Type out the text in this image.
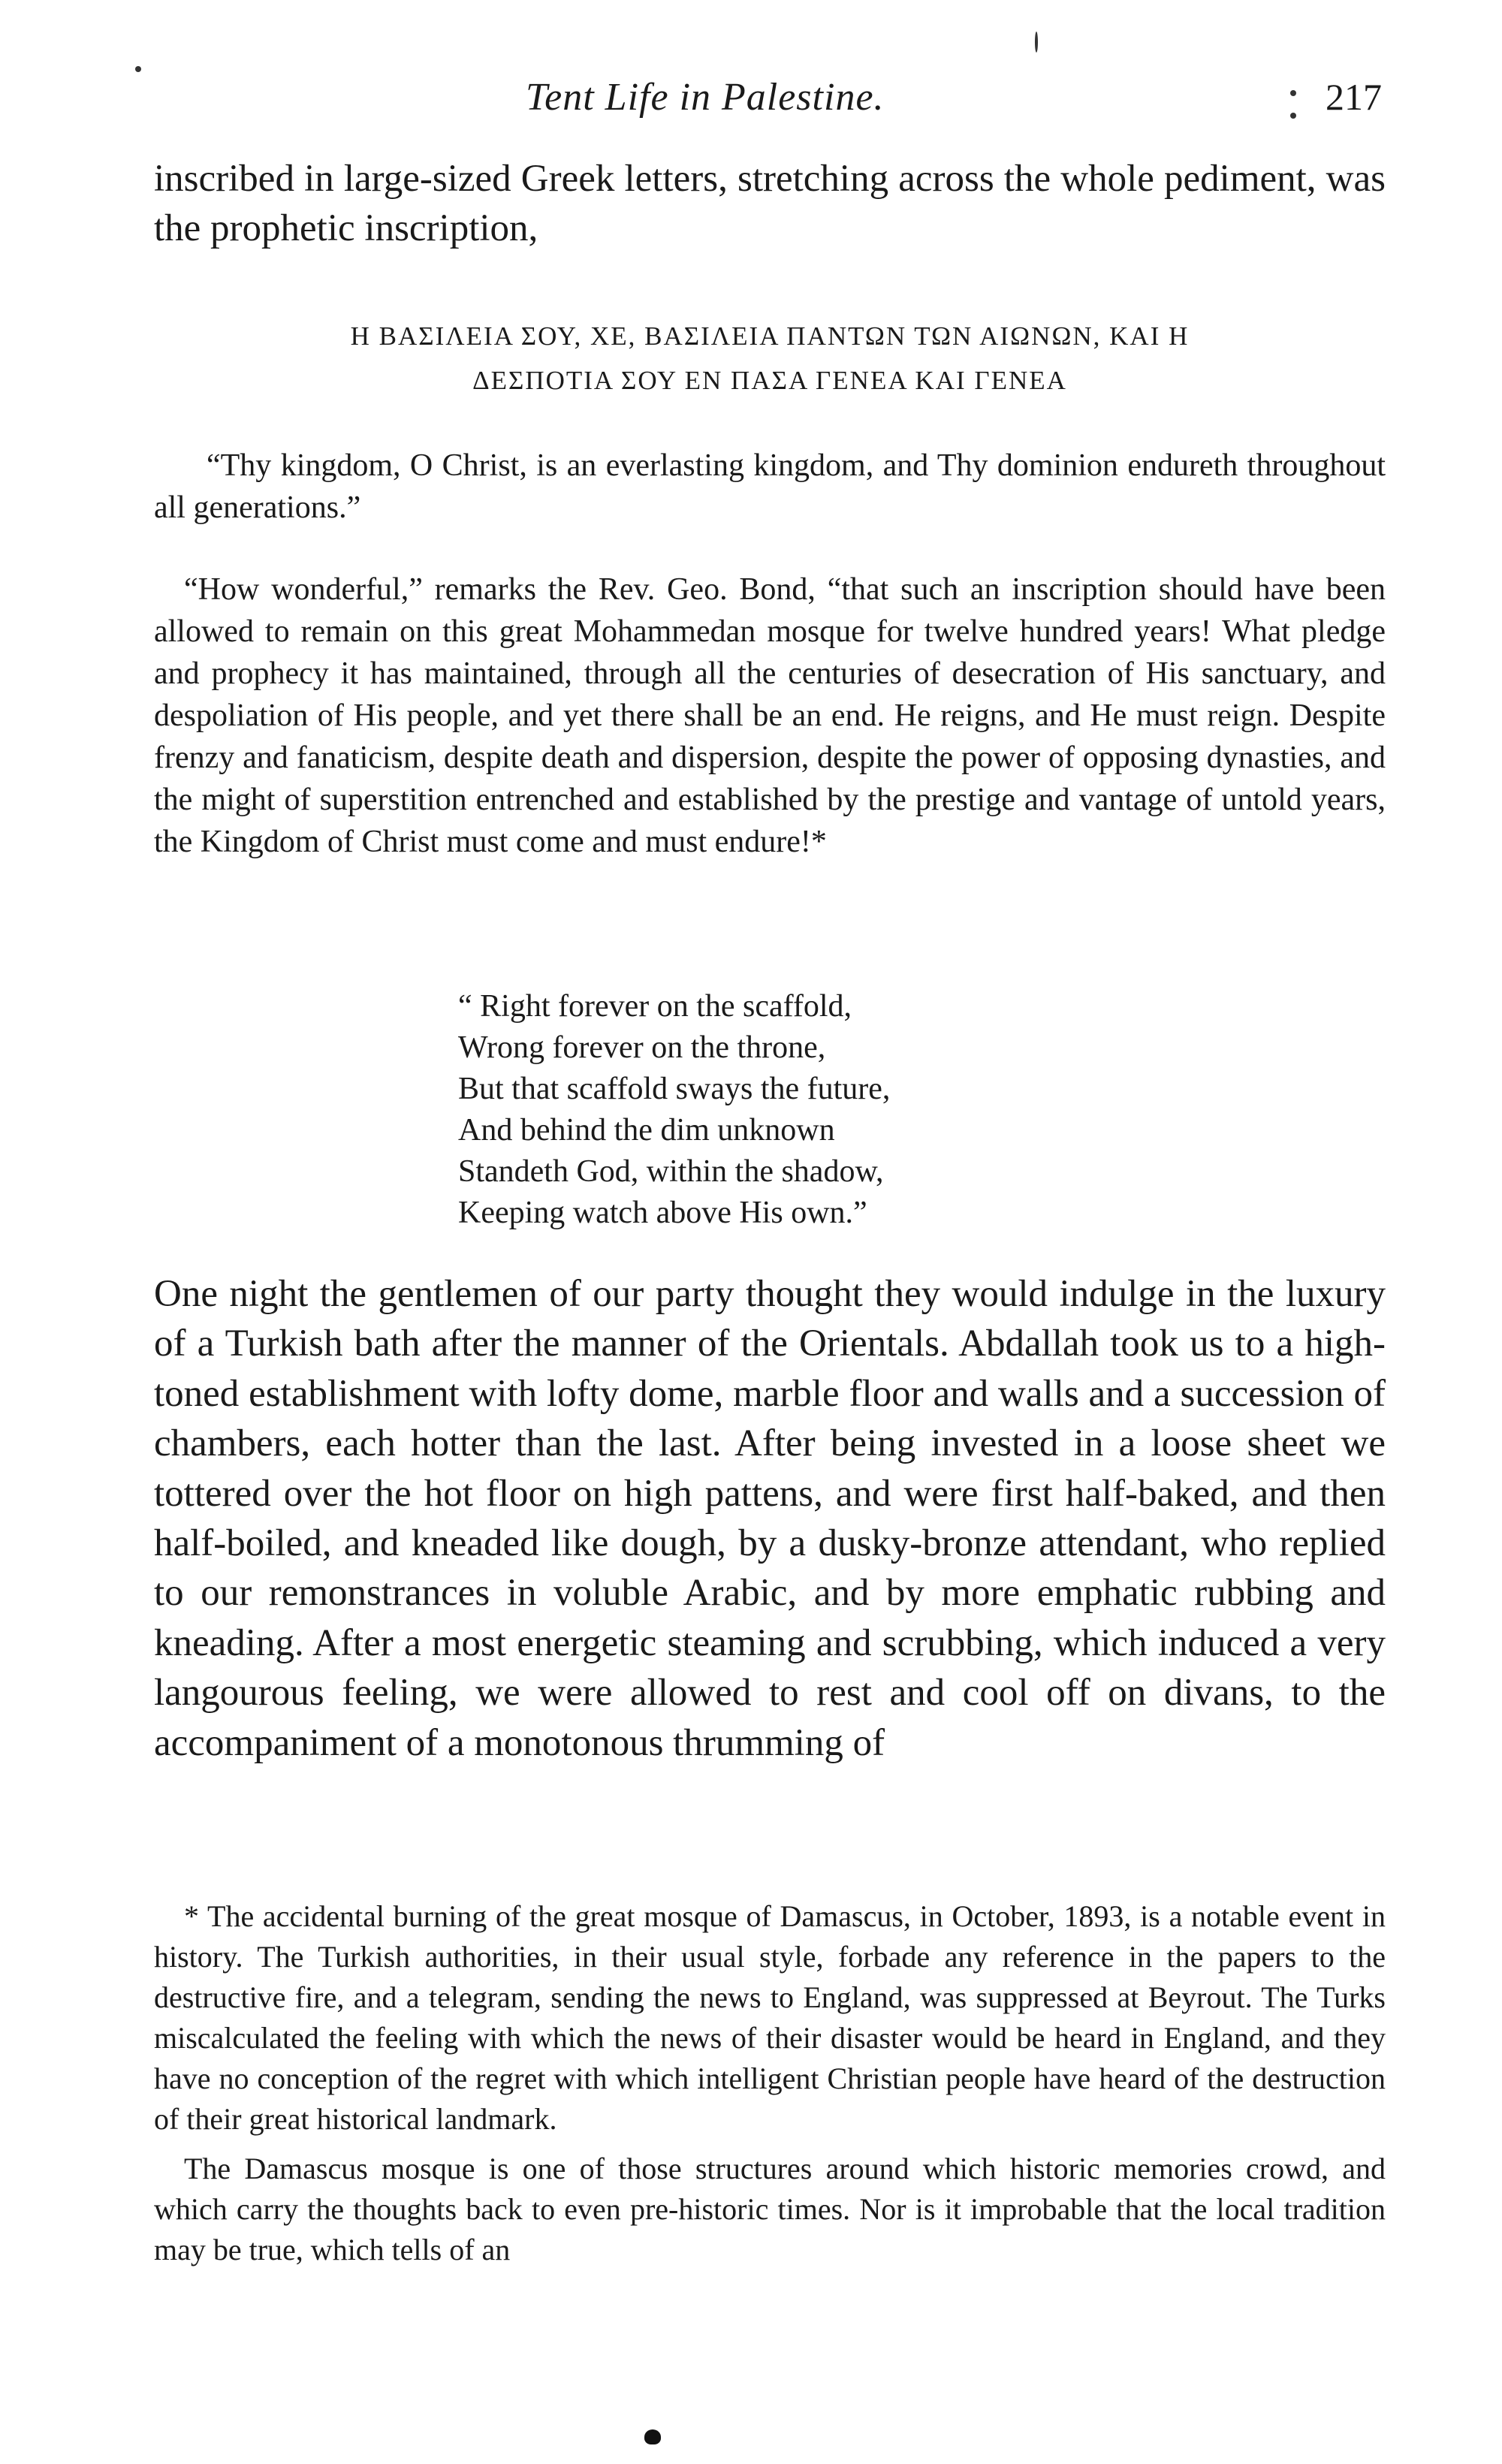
Tent Life in Palestine.	217
inscribed in large-sized Greek letters, stretching across the whole pediment, was the prophetic inscription,
Η ΒΑΣΙΛΕΙΑ ΣΟΥ, ΧΕ, ΒΑΣΙΛΕΙΑ ΠΑΝΤΩΝ ΤΩΝ ΑΙΩΝΩΝ, ΚΑΙ Η
ΔΕΣΠΟΤΙΑ ΣΟΥ ΕΝ ΠΑΣΑ ΓΕΝΕΑ ΚΑΙ ΓΕΝΕΑ
“Thy kingdom, O Christ, is an everlasting kingdom, and Thy dominion endureth throughout all generations.”
“How wonderful,” remarks the Rev. Geo. Bond, “that such an inscription should have been allowed to remain on this great Mohammedan mosque for twelve hundred years! What pledge and prophecy it has maintained, through all the centuries of desecration of His sanctuary, and despoliation of His people, and yet there shall be an end. He reigns, and He must reign. Despite frenzy and fanaticism, despite death and dispersion, despite the power of opposing dynasties, and the might of superstition entrenched and established by the prestige and vantage of untold years, the Kingdom of Christ must come and must endure!*
“ Right forever on the scaffold,
Wrong forever on the throne,
But that scaffold sways the future,
And behind the dim unknown
Standeth God, within the shadow,
Keeping watch above His own.”
One night the gentlemen of our party thought they would indulge in the luxury of a Turkish bath after the manner of the Orientals. Abdallah took us to a high-toned establishment with lofty dome, marble floor and walls and a succession of chambers, each hotter than the last. After being invested in a loose sheet we tottered over the hot floor on high pattens, and were first half-baked, and then half-boiled, and kneaded like dough, by a dusky-bronze attendant, who replied to our remonstrances in voluble Arabic, and by more emphatic rubbing and kneading. After a most energetic steaming and scrubbing, which induced a very langourous feeling, we were allowed to rest and cool off on divans, to the accompaniment of a monotonous thrumming of
* The accidental burning of the great mosque of Damascus, in October, 1893, is a notable event in history. The Turkish authorities, in their usual style, forbade any reference in the papers to the destructive fire, and a telegram, sending the news to England, was suppressed at Beyrout. The Turks miscalculated the feeling with which the news of their disaster would be heard in England, and they have no conception of the regret with which intelligent Christian people have heard of the destruction of their great historical landmark.
The Damascus mosque is one of those structures around which historic memories crowd, and which carry the thoughts back to even pre-historic times. Nor is it improbable that the local tradition may be true, which tells of an
